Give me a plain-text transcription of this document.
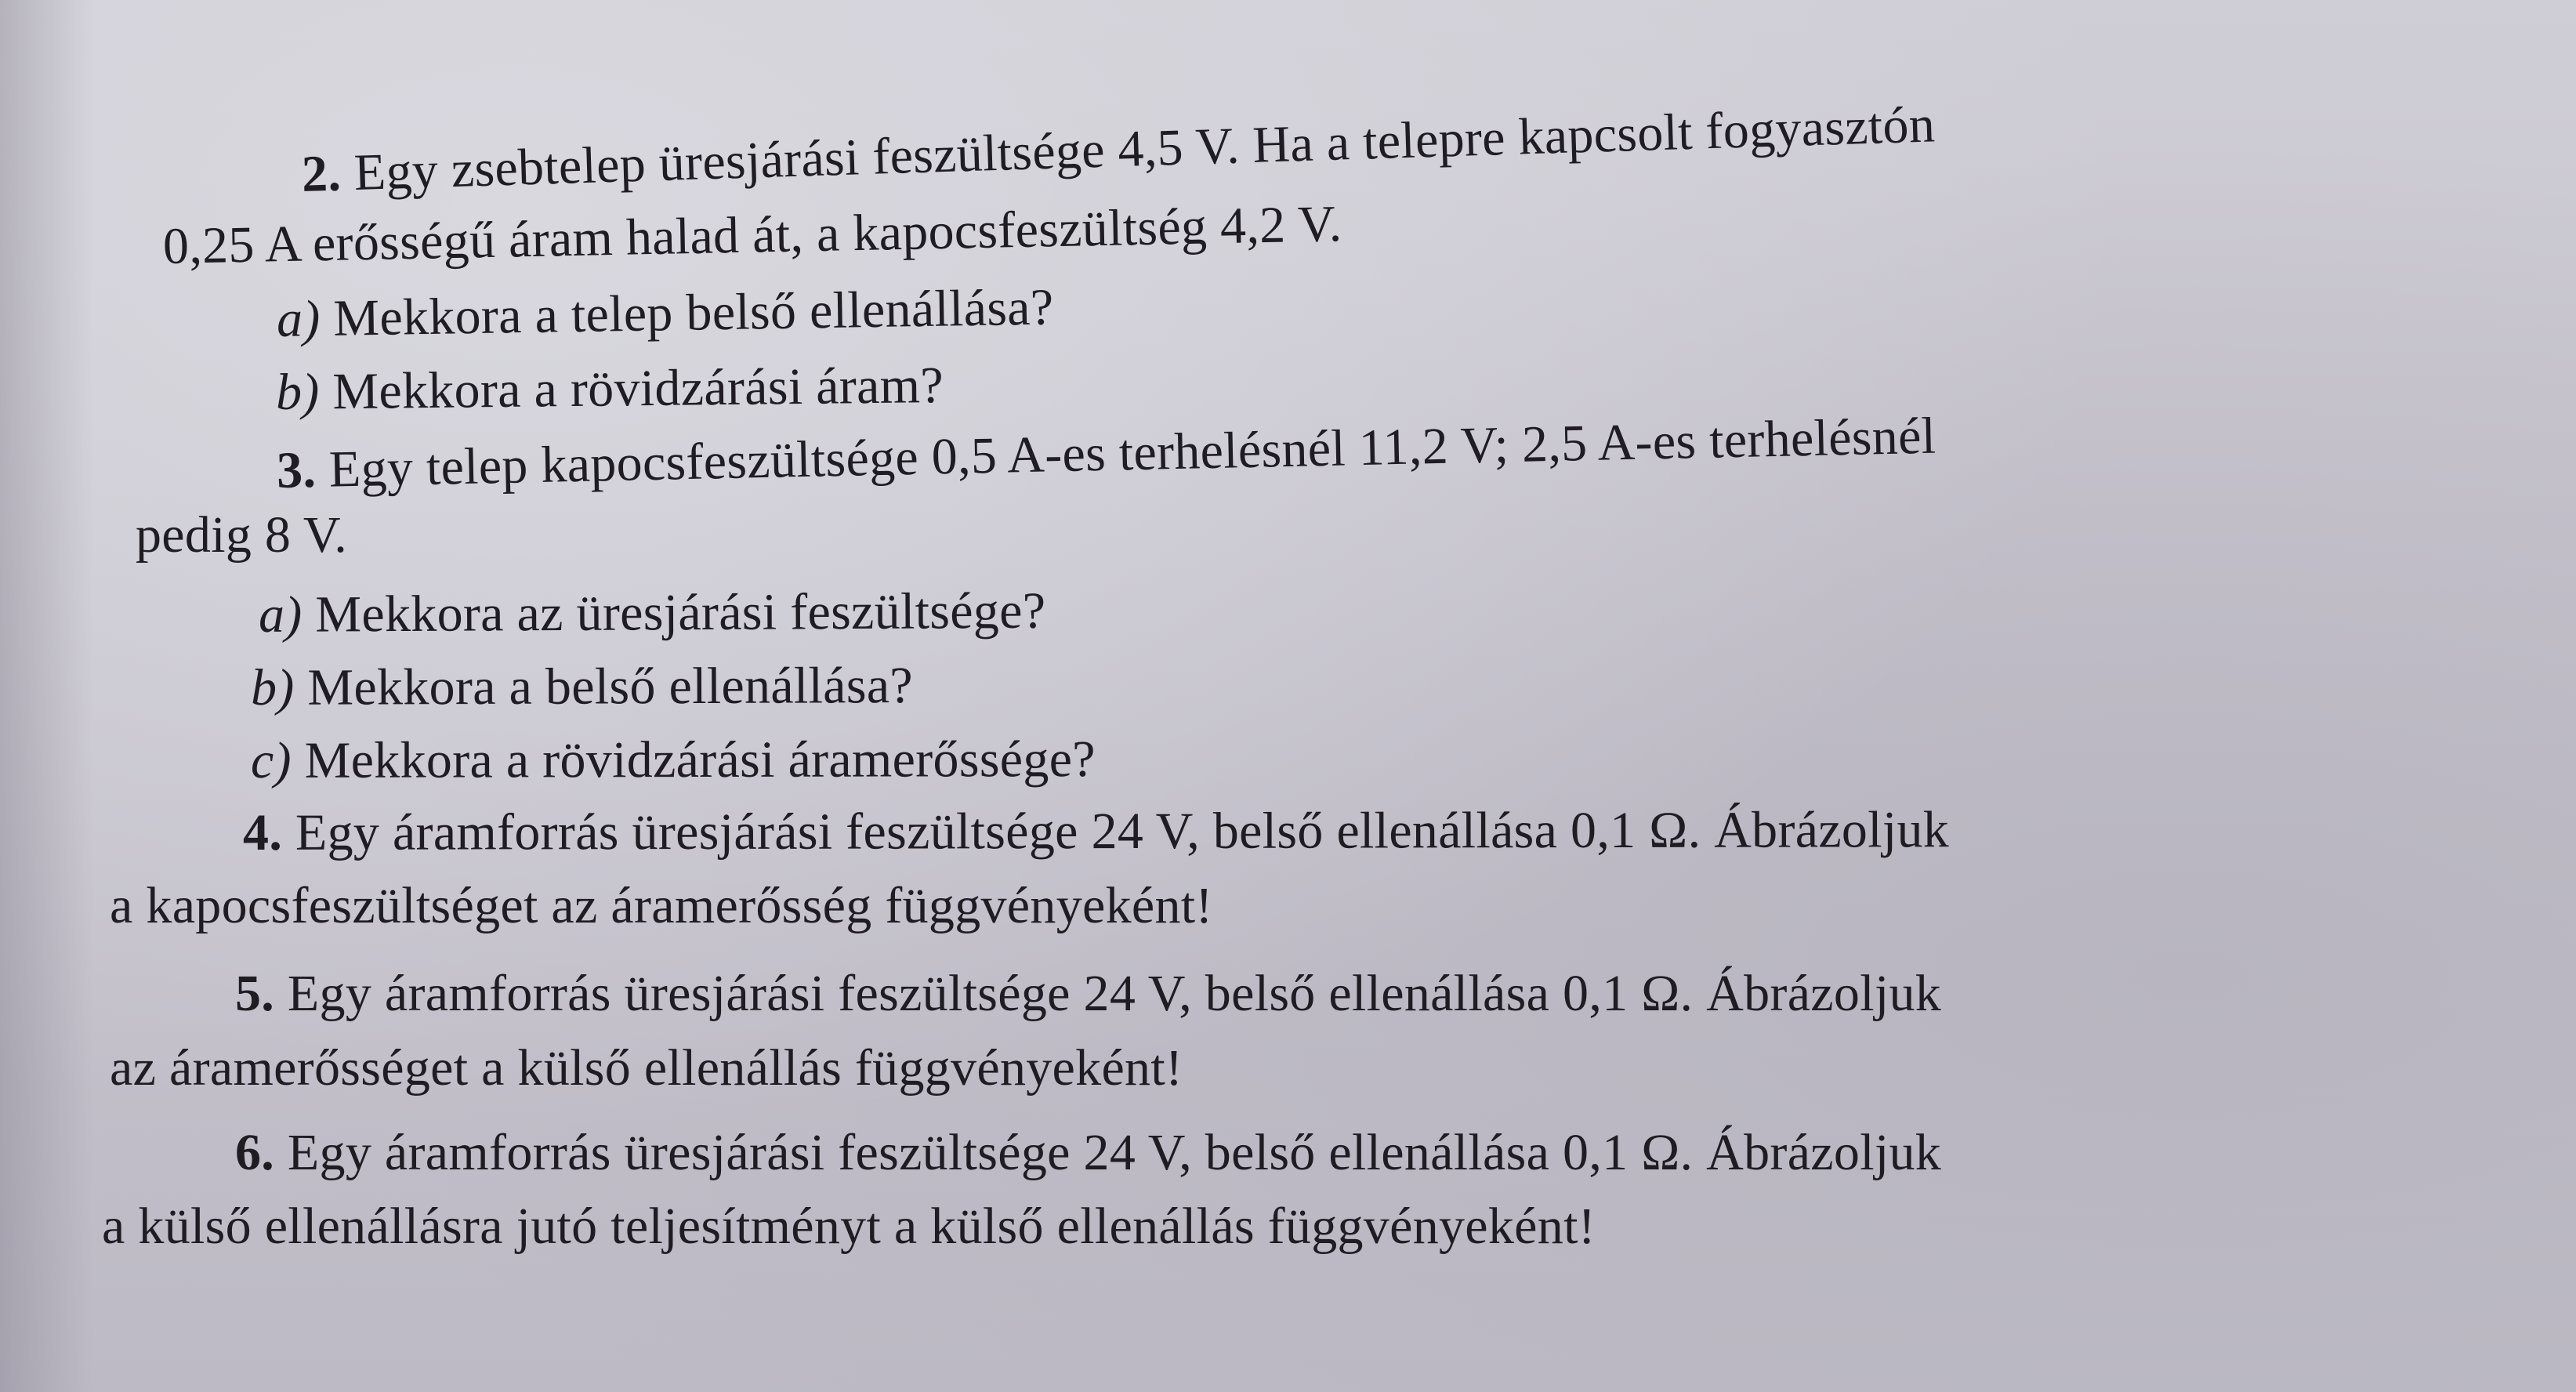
2. Egy zsebtelep üresjárási feszültsége 4,5 V. Ha a telepre kapcsolt fogyasztón
0,25 A erősségű áram halad át, a kapocsfeszültség 4,2 V.
a) Mekkora a telep belső ellenállása?
b) Mekkora a rövidzárási áram?
3. Egy telep kapocsfeszültsége 0,5 A-es terhelésnél 11,2 V; 2,5 A-es terhelésnél
pedig 8 V.
a) Mekkora az üresjárási feszültsége?
b) Mekkora a belső ellenállása?
c) Mekkora a rövidzárási áramerőssége?
4. Egy áramforrás üresjárási feszültsége 24 V, belső ellenállása 0,1 Ω. Ábrázoljuk
a kapocsfeszültséget az áramerősség függvényeként!
5. Egy áramforrás üresjárási feszültsége 24 V, belső ellenállása 0,1 Ω. Ábrázoljuk
az áramerősséget a külső ellenállás függvényeként!
6. Egy áramforrás üresjárási feszültsége 24 V, belső ellenállása 0,1 Ω. Ábrázoljuk
a külső ellenállásra jutó teljesítményt a külső ellenállás függvényeként!
